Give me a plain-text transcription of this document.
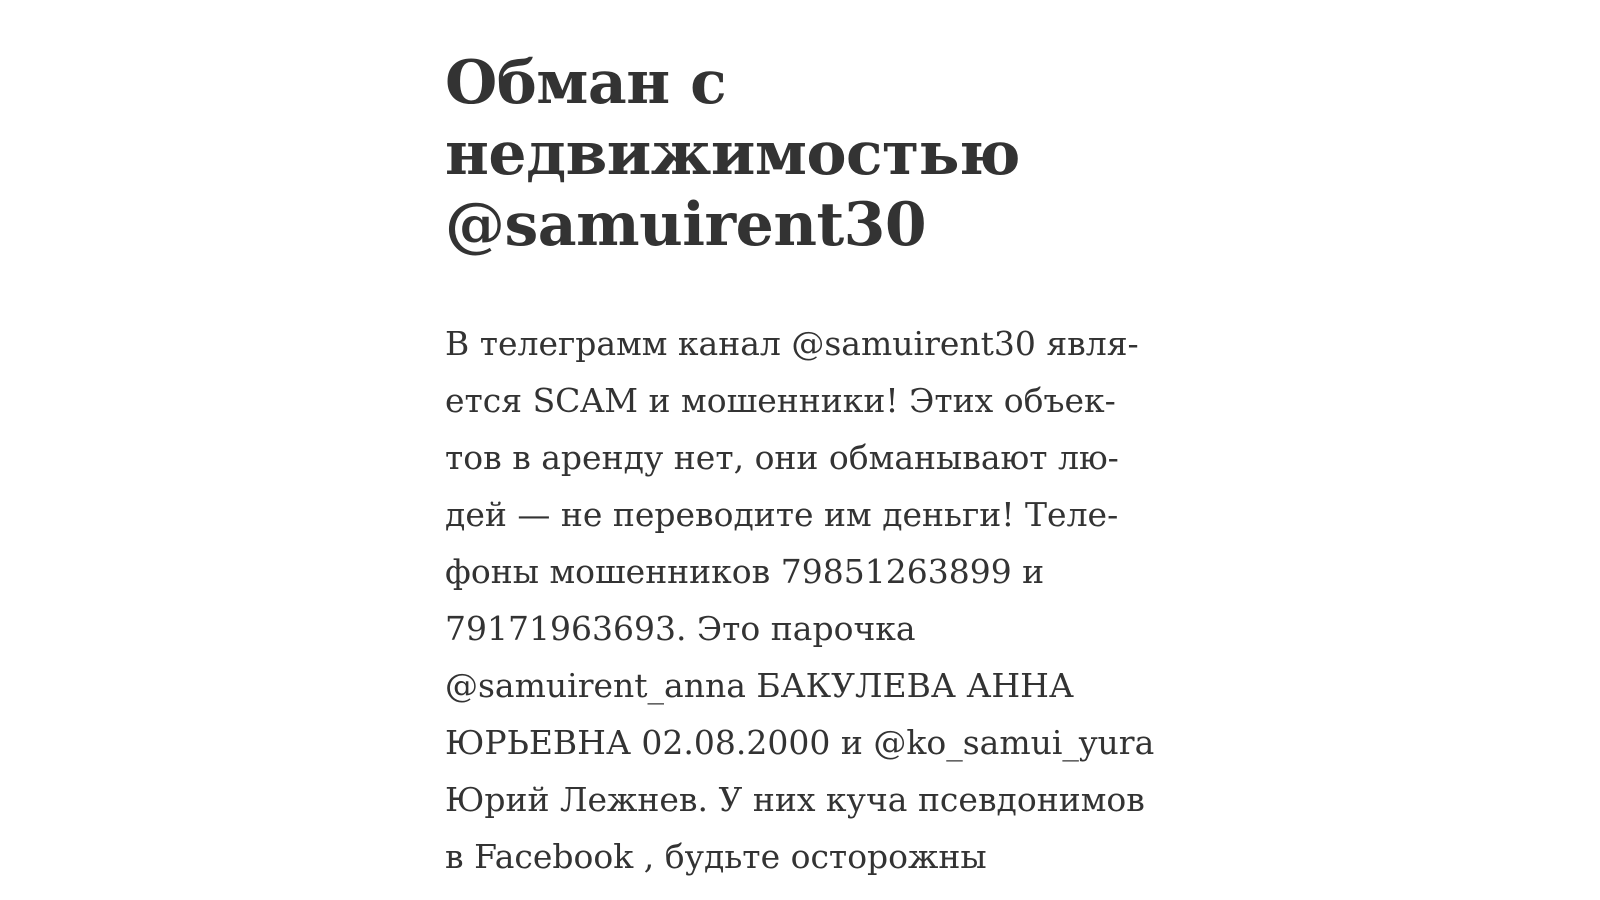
Обман с
недвижимостью
@samuirent30

В телеграмм канал @samuirent30 явля-
ется SCAM и мошенники! Этих объек-
тов в аренду нет, они обманывают лю-
дей — не переводите им деньги! Теле-
фоны мошенников 79851263899 и
79171963693. Это парочка
@samuirent_anna БАКУЛЕВА АННА
ЮРЬЕВНА 02.08.2000 и @ko_samui_yura
Юрий Лежнев. У них куча псевдонимов
в Facebook , будьте осторожны
